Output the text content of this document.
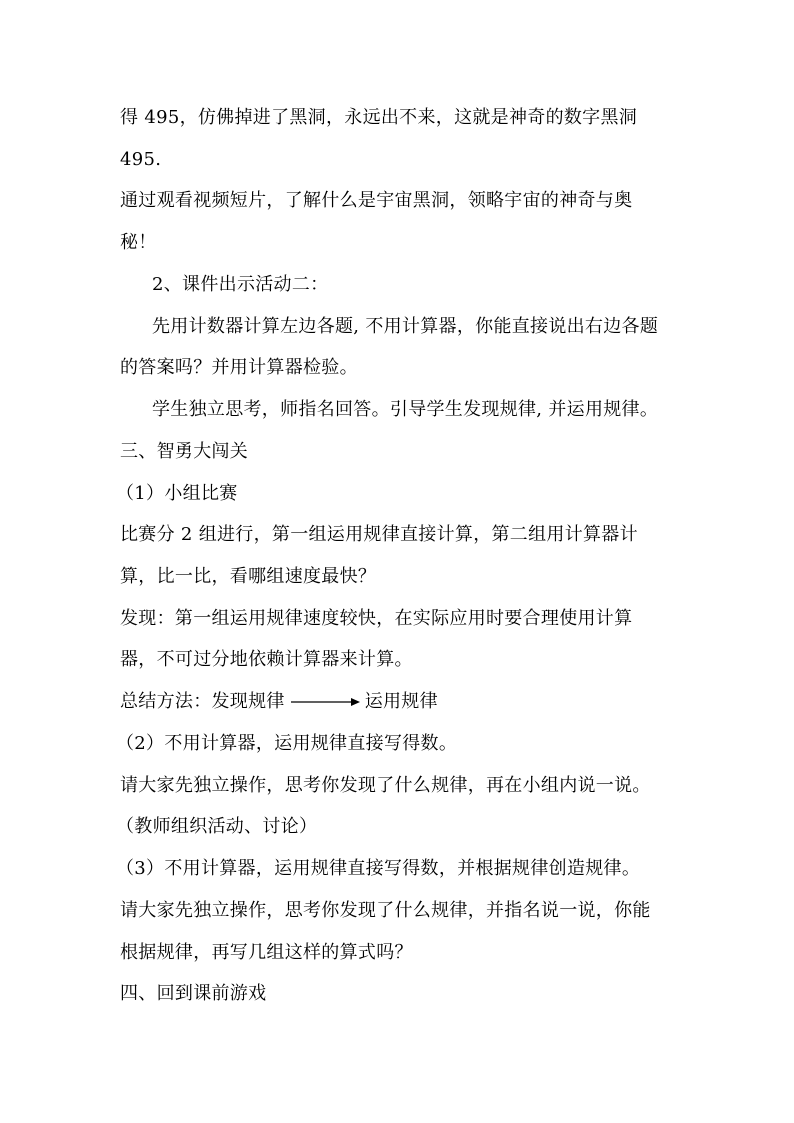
得 495，仿佛掉进了黑洞，永远出不来，这就是神奇的数字黑洞
495.
通过观看视频短片，了解什么是宇宙黑洞，领略宇宙的神奇与奥
秘！
2、课件出示活动二：
先用计数器计算左边各题, 不用计算器，你能直接说出右边各题
的答案吗？并用计算器检验。
学生独立思考，师指名回答。引导学生发现规律, 并运用规律。
三、智勇大闯关
（1）小组比赛
比赛分 2 组进行，第一组运用规律直接计算，第二组用计算器计
算，比一比，看哪组速度最快？
发现：第一组运用规律速度较快，在实际应用时要合理使用计算
器，不可过分地依赖计算器来计算。
总结方法：发现规律	运用规律
（2）不用计算器，运用规律直接写得数。
请大家先独立操作，思考你发现了什么规律，再在小组内说一说。
（教师组织活动、讨论）
（3）不用计算器，运用规律直接写得数，并根据规律创造规律。
请大家先独立操作，思考你发现了什么规律，并指名说一说，你能
根据规律，再写几组这样的算式吗？
四、回到课前游戏
